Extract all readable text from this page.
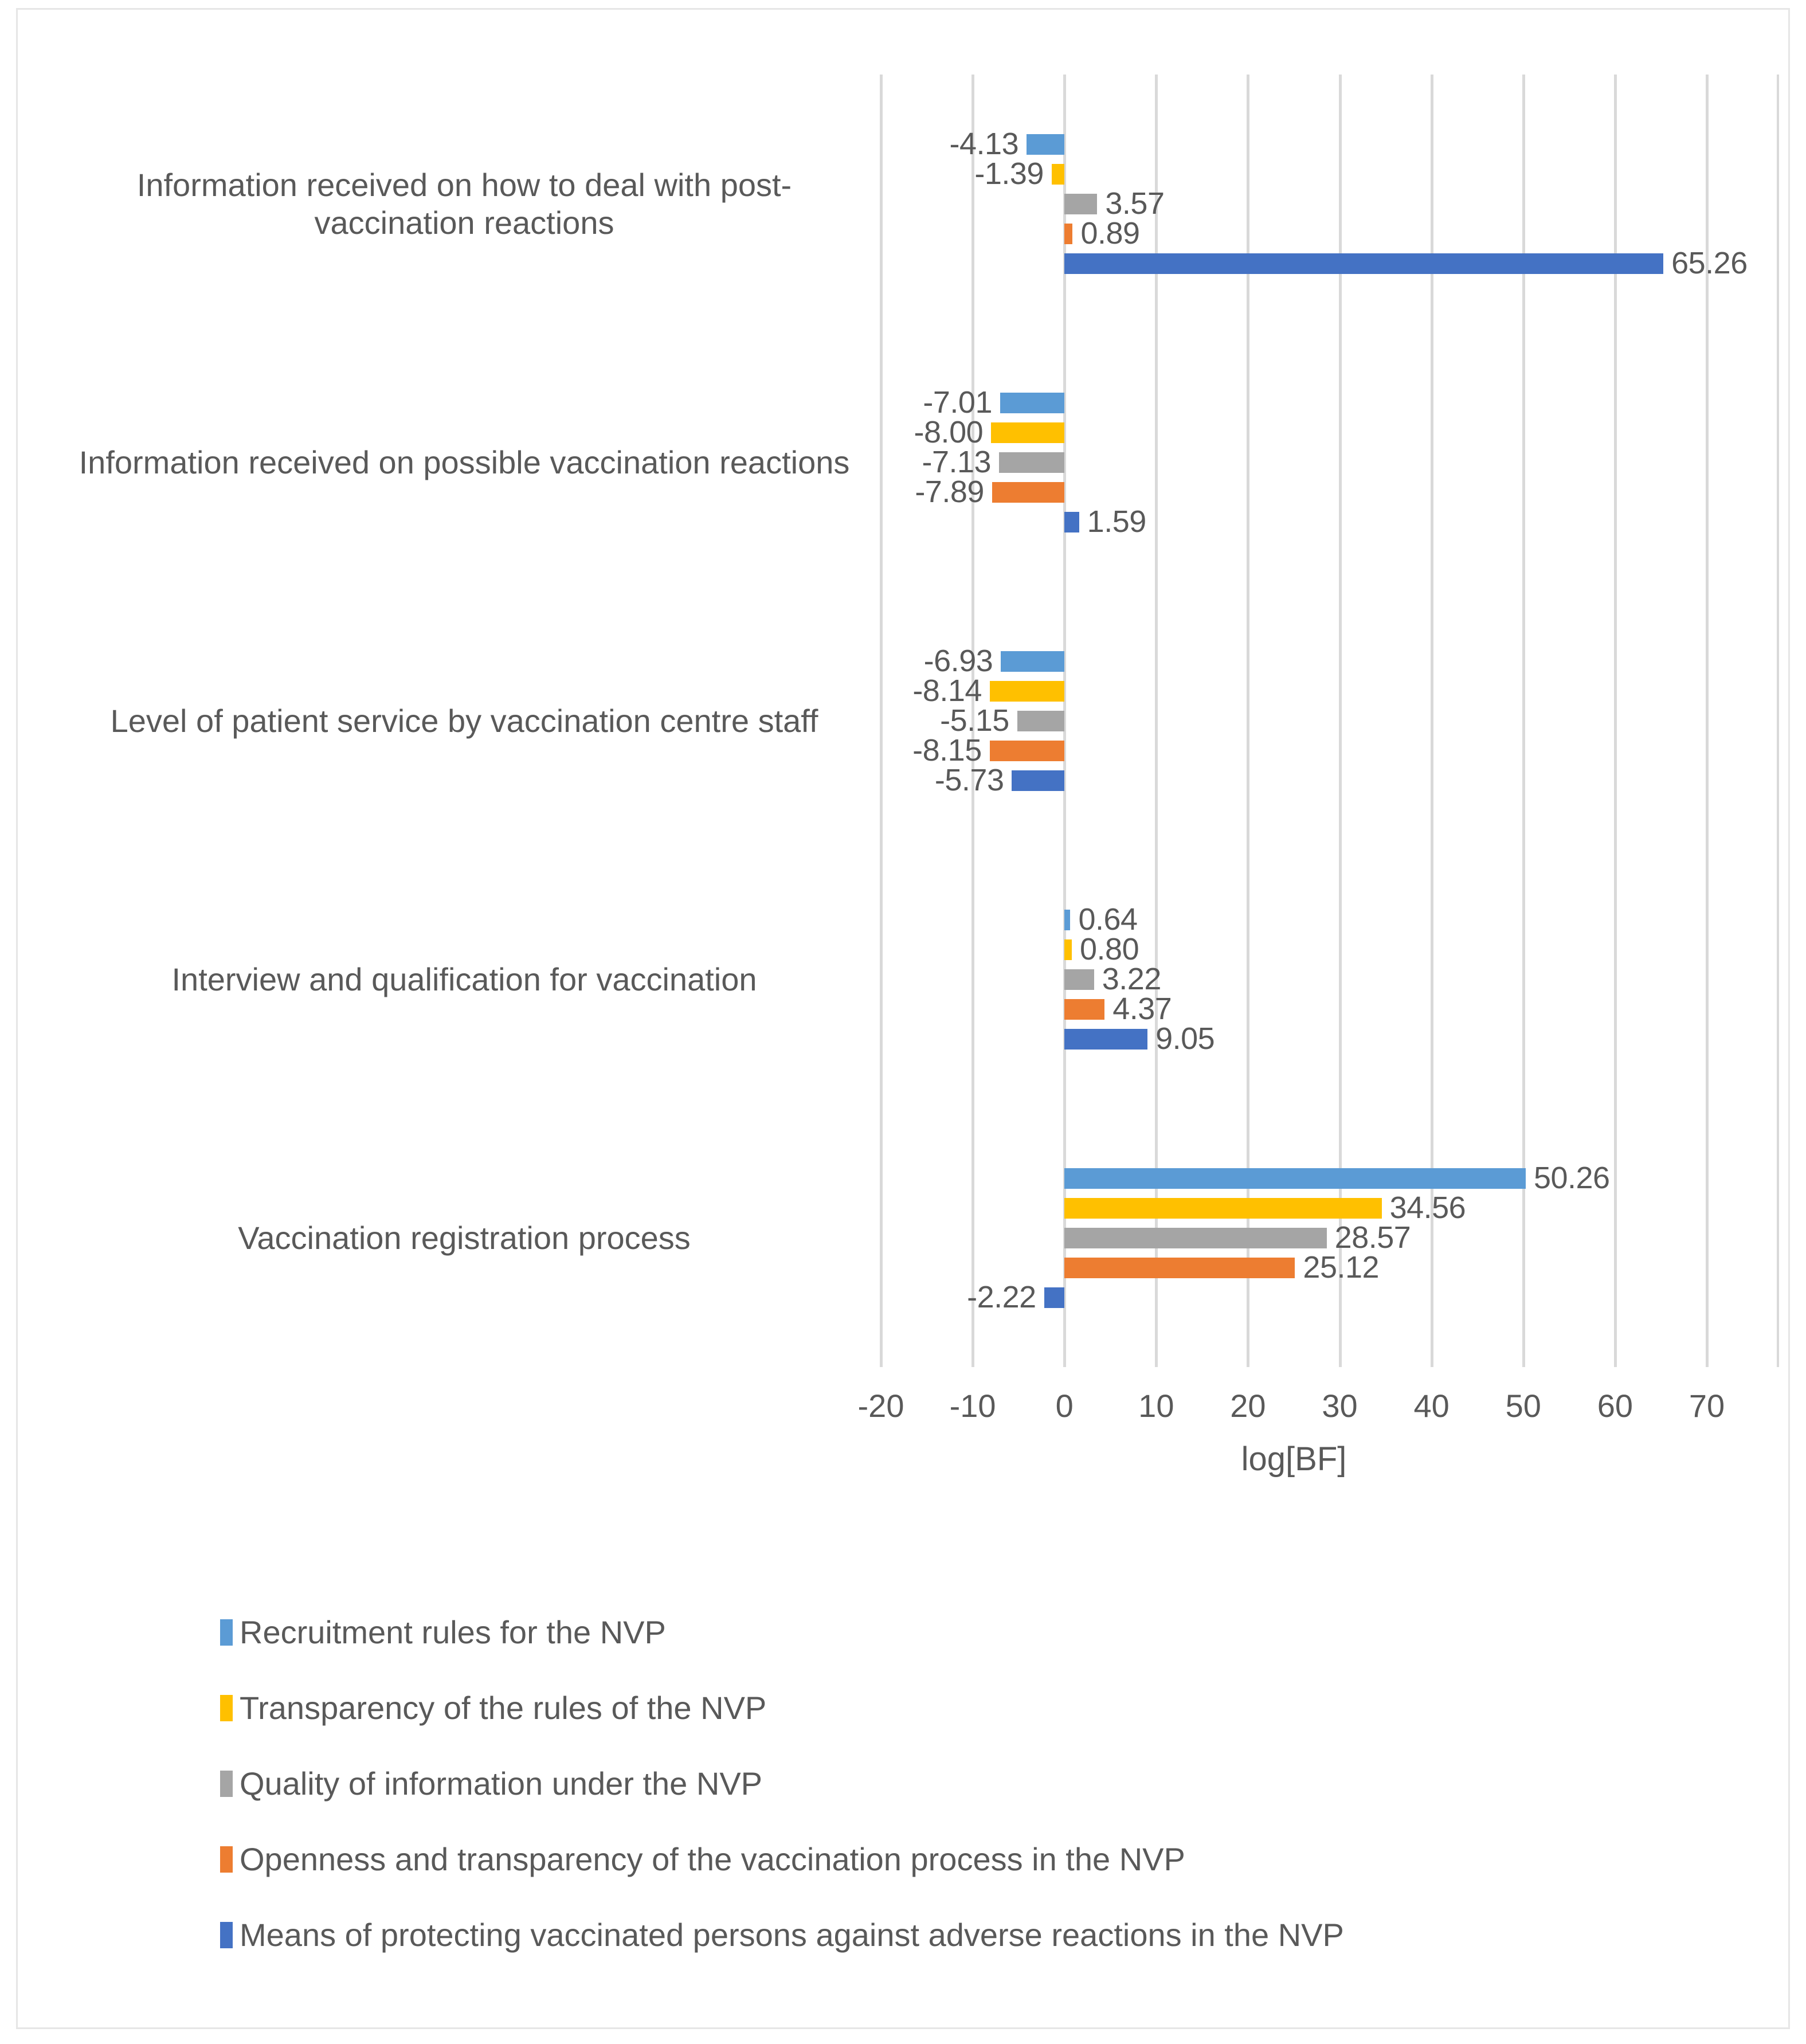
-4.13
-1.39
3.57
0.89
65.26
-7.01
-8.00
-7.13
-7.89
1.59
-6.93
-8.14
-5.15
-8.15
-5.73
0.64
0.80
3.22
4.37
9.05
50.26
34.56
28.57
25.12
-2.22
Information received on how to deal with post-vaccination reactions
Information received on possible vaccination reactions
Level of patient service by vaccination centre staff
Interview and qualification for vaccination
Vaccination registration process
-20 -10 0 10 20 30 40 50 60 70
log[BF]
Recruitment rules for the NVP
Transparency of the rules of the NVP
Quality of information under the NVP
Openness and transparency of the vaccination process in the NVP
Means of protecting vaccinated persons against adverse reactions in the NVP
